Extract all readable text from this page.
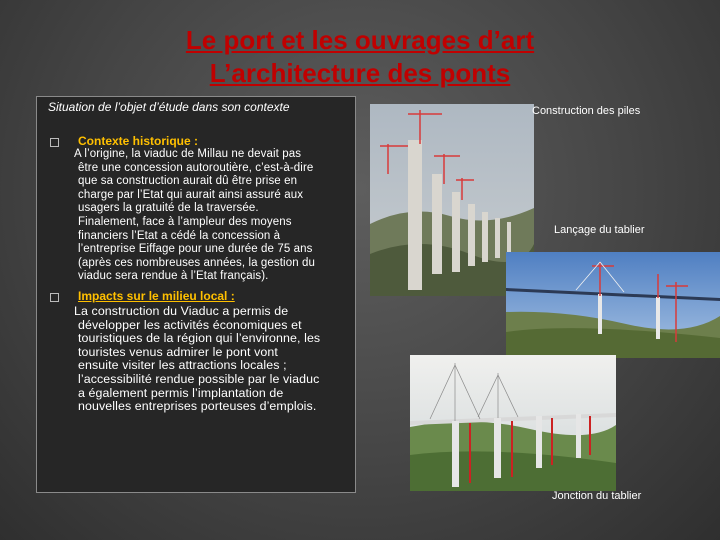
Le port et les ouvrages d’art
L’architecture des ponts
Situation de l’objet d’étude dans son contexte
Contexte historique :
A l’origine, la viaduc de Millau ne devait pas
être une concession autoroutière, c’est-à-dire
que sa construction aurait dû être prise en
charge par l’Etat qui aurait ainsi assuré aux
usagers la gratuité de la traversée.
Finalement, face à l’ampleur des moyens
financiers l’Etat a cédé la concession à
l’entreprise Eiffage pour une durée de 75 ans
(après ces nombreuses années, la gestion du
viaduc sera rendue à l’Etat français).
Impacts sur le milieu local :
La construction du Viaduc a permis de
développer les activités économiques et
touristiques de la région qui l’environne, les
touristes venus admirer le pont vont
ensuite visiter les attractions locales ;
l’accessibilité rendue possible par le viaduc
a également permis l’implantation de
nouvelles entreprises porteuses d’emplois.
Construction des piles
Lançage du tablier
Jonction du tablier
